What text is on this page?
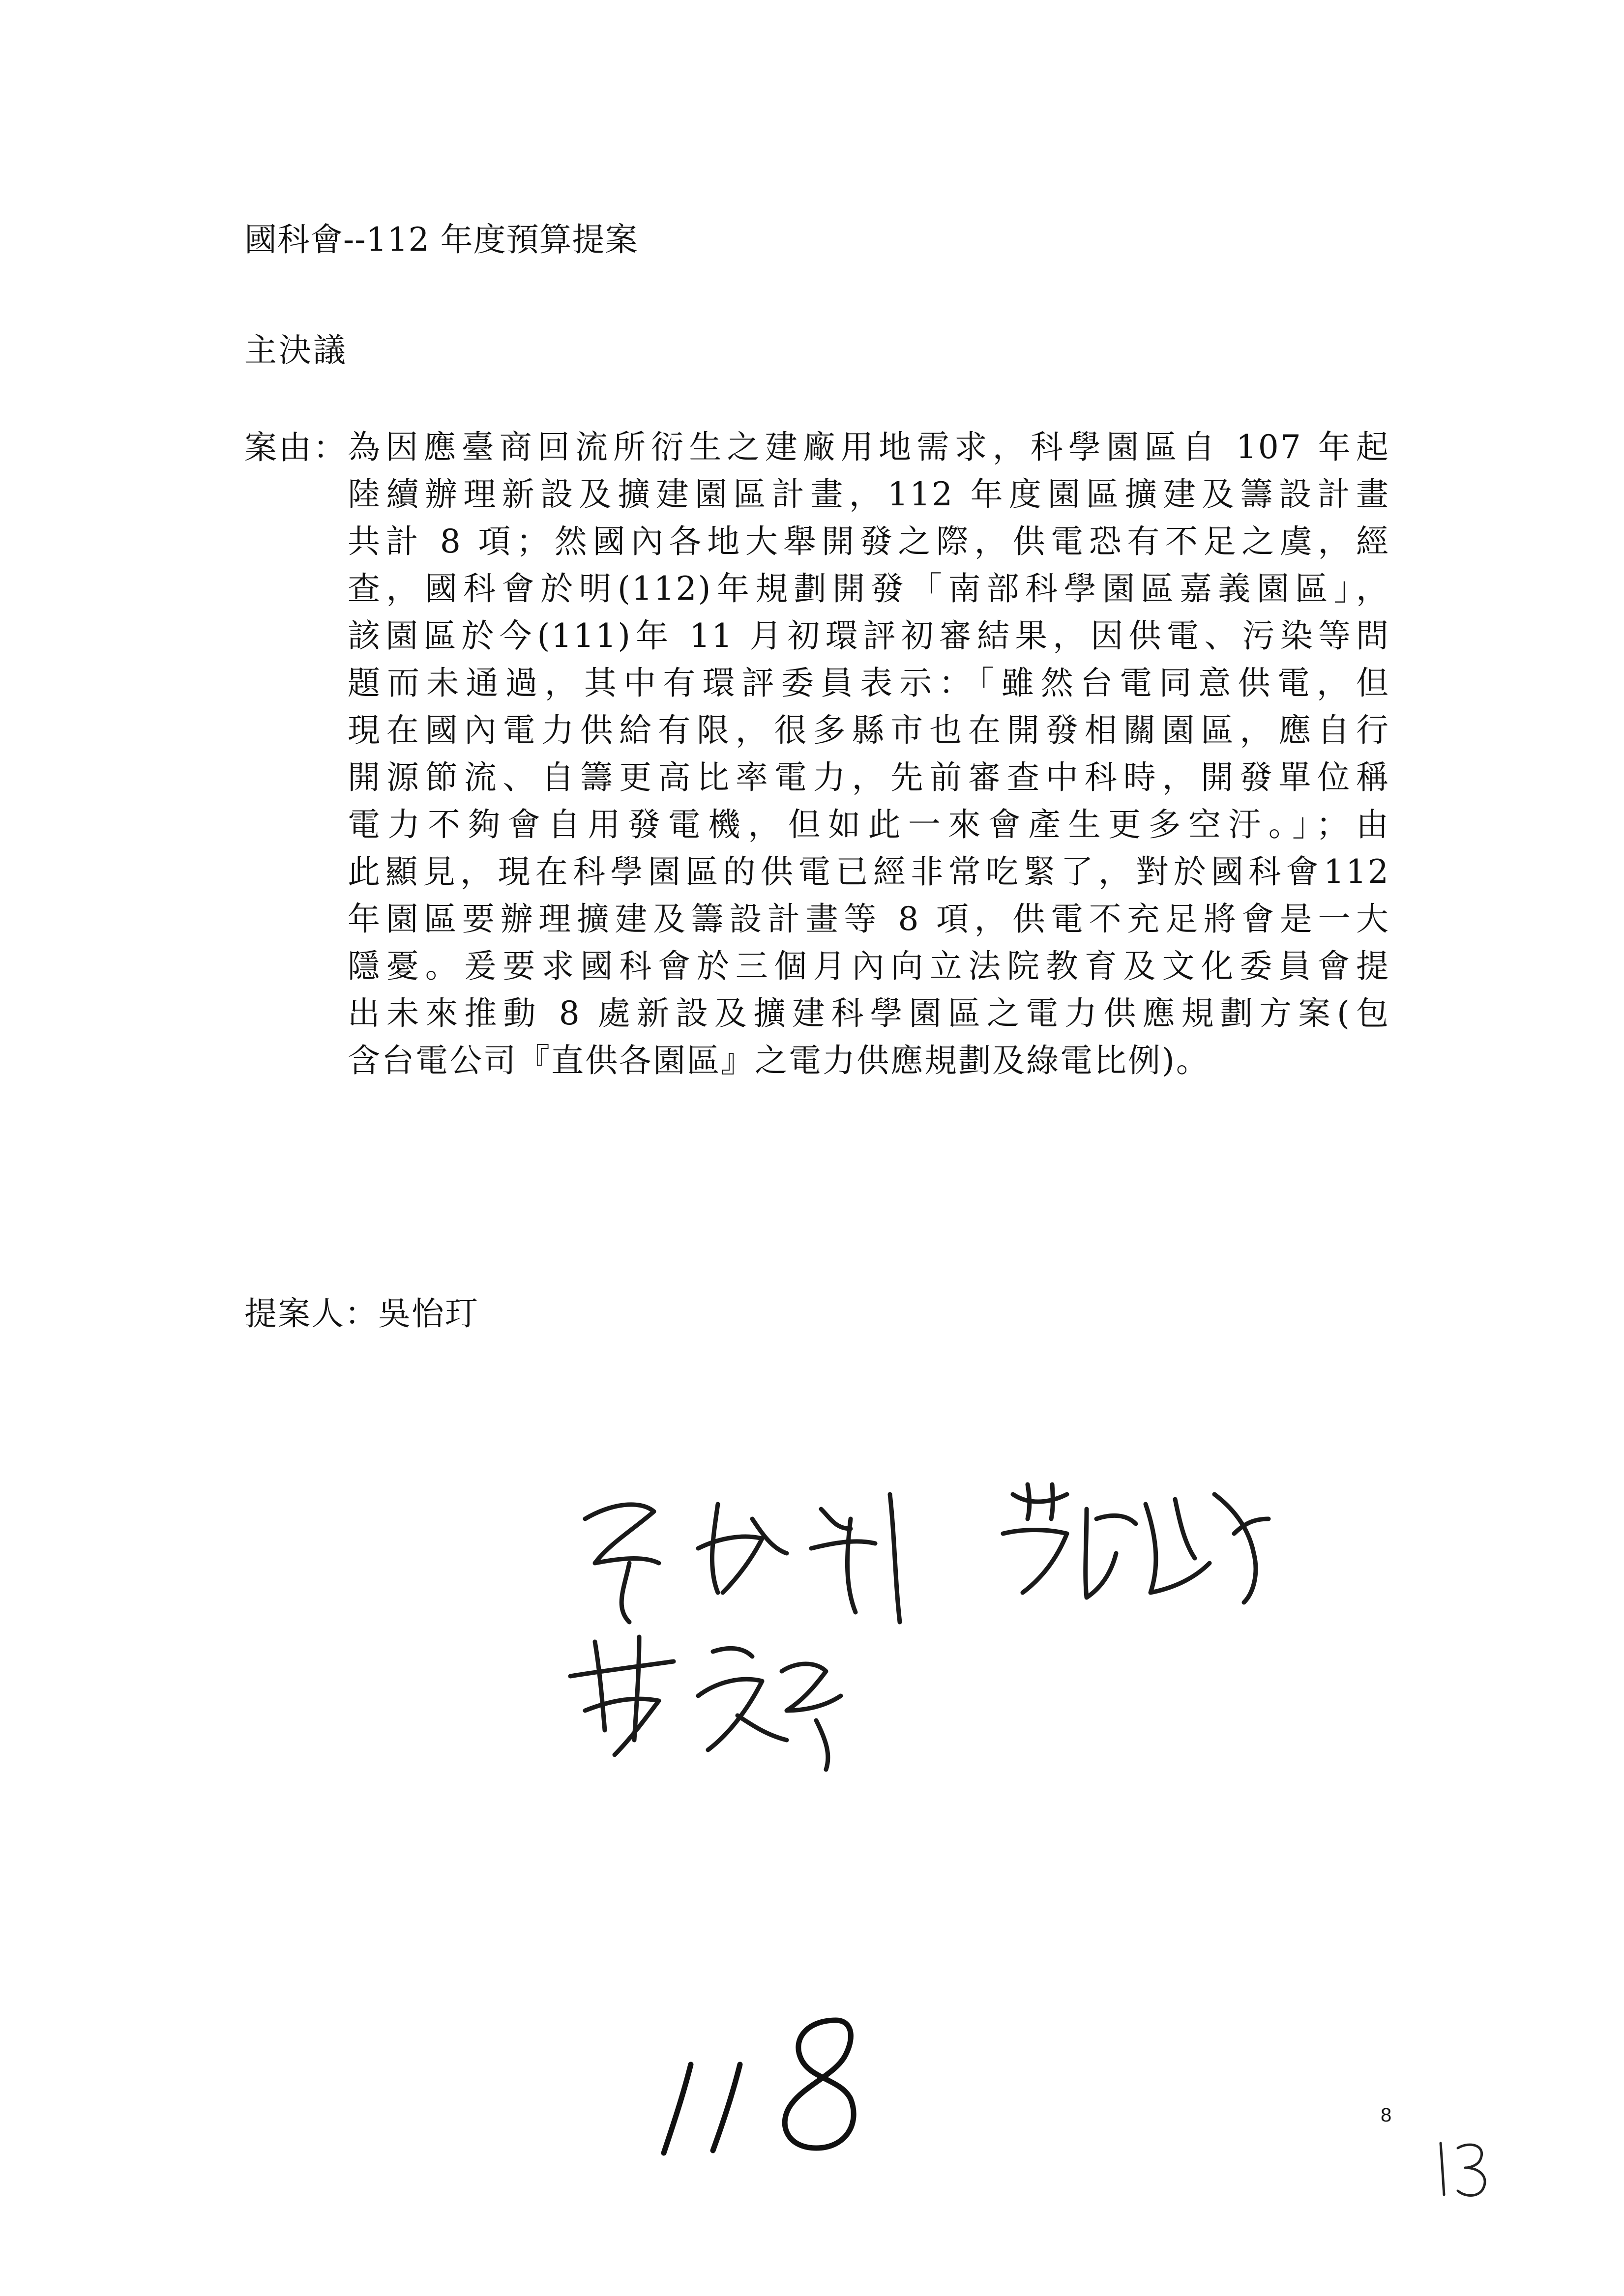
國科會--112 年度預算提案
主決議
案由： 為因應臺商回流所衍生之建廠用地需求，科學園區自 107 年起

陸續辦理新設及擴建園區計畫，112 年度園區擴建及籌設計畫

共計 8 項；然國內各地大舉開發之際，供電恐有不足之虞，經

查，國科會於明(112)年規劃開發「南部科學園區嘉義園區」，

該園區於今(111)年 11 月初環評初審結果，因供電、污染等問

題而未通過，其中有環評委員表示：「雖然台電同意供電，但

現在國內電力供給有限，很多縣市也在開發相關園區，應自行

開源節流、自籌更高比率電力，先前審查中科時，開發單位稱

電力不夠會自用發電機，但如此一來會產生更多空汙。」；由

此顯見，現在科學園區的供電已經非常吃緊了，對於國科會112

年園區要辦理擴建及籌設計畫等 8 項，供電不充足將會是一大

隱憂。爰要求國科會於三個月內向立法院教育及文化委員會提

出未來推動 8 處新設及擴建科學園區之電力供應規劃方案(包

含台電公司『直供各園區』之電力供應規劃及綠電比例)。

提案人：吳怡玎
8
